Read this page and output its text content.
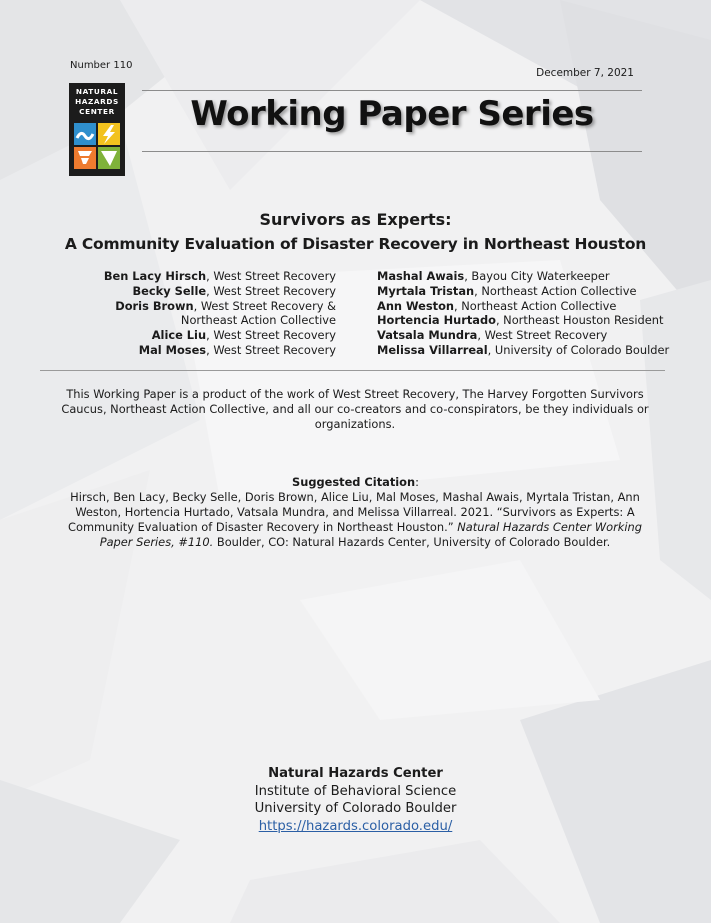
Number 110
December 7, 2021
NATURAL
HAZARDS
CENTER	Working Paper Series
Survivors as Experts:
A Community Evaluation of Disaster Recovery in Northeast Houston
Ben Lacy Hirsch, West Street Recovery
Becky Selle, West Street Recovery
Doris Brown, West Street Recovery &
Northeast Action Collective
Alice Liu, West Street Recovery
Mal Moses, West Street Recovery
Mashal Awais, Bayou City Waterkeeper
Myrtala Tristan, Northeast Action Collective
Ann Weston, Northeast Action Collective
Hortencia Hurtado, Northeast Houston Resident
Vatsala Mundra, West Street Recovery
Melissa Villarreal, University of Colorado Boulder
This Working Paper is a product of the work of West Street Recovery, The Harvey Forgotten Survivors Caucus, Northeast Action Collective, and all our co-creators and co-conspirators, be they individuals or organizations.
Suggested Citation:
Hirsch, Ben Lacy, Becky Selle, Doris Brown, Alice Liu, Mal Moses, Mashal Awais, Myrtala Tristan, Ann Weston, Hortencia Hurtado, Vatsala Mundra, and Melissa Villarreal. 2021. “Survivors as Experts: A Community Evaluation of Disaster Recovery in Northeast Houston.” Natural Hazards Center Working Paper Series, #110. Boulder, CO: Natural Hazards Center, University of Colorado Boulder.
Natural Hazards Center
Institute of Behavioral Science
University of Colorado Boulder
https://hazards.colorado.edu/
